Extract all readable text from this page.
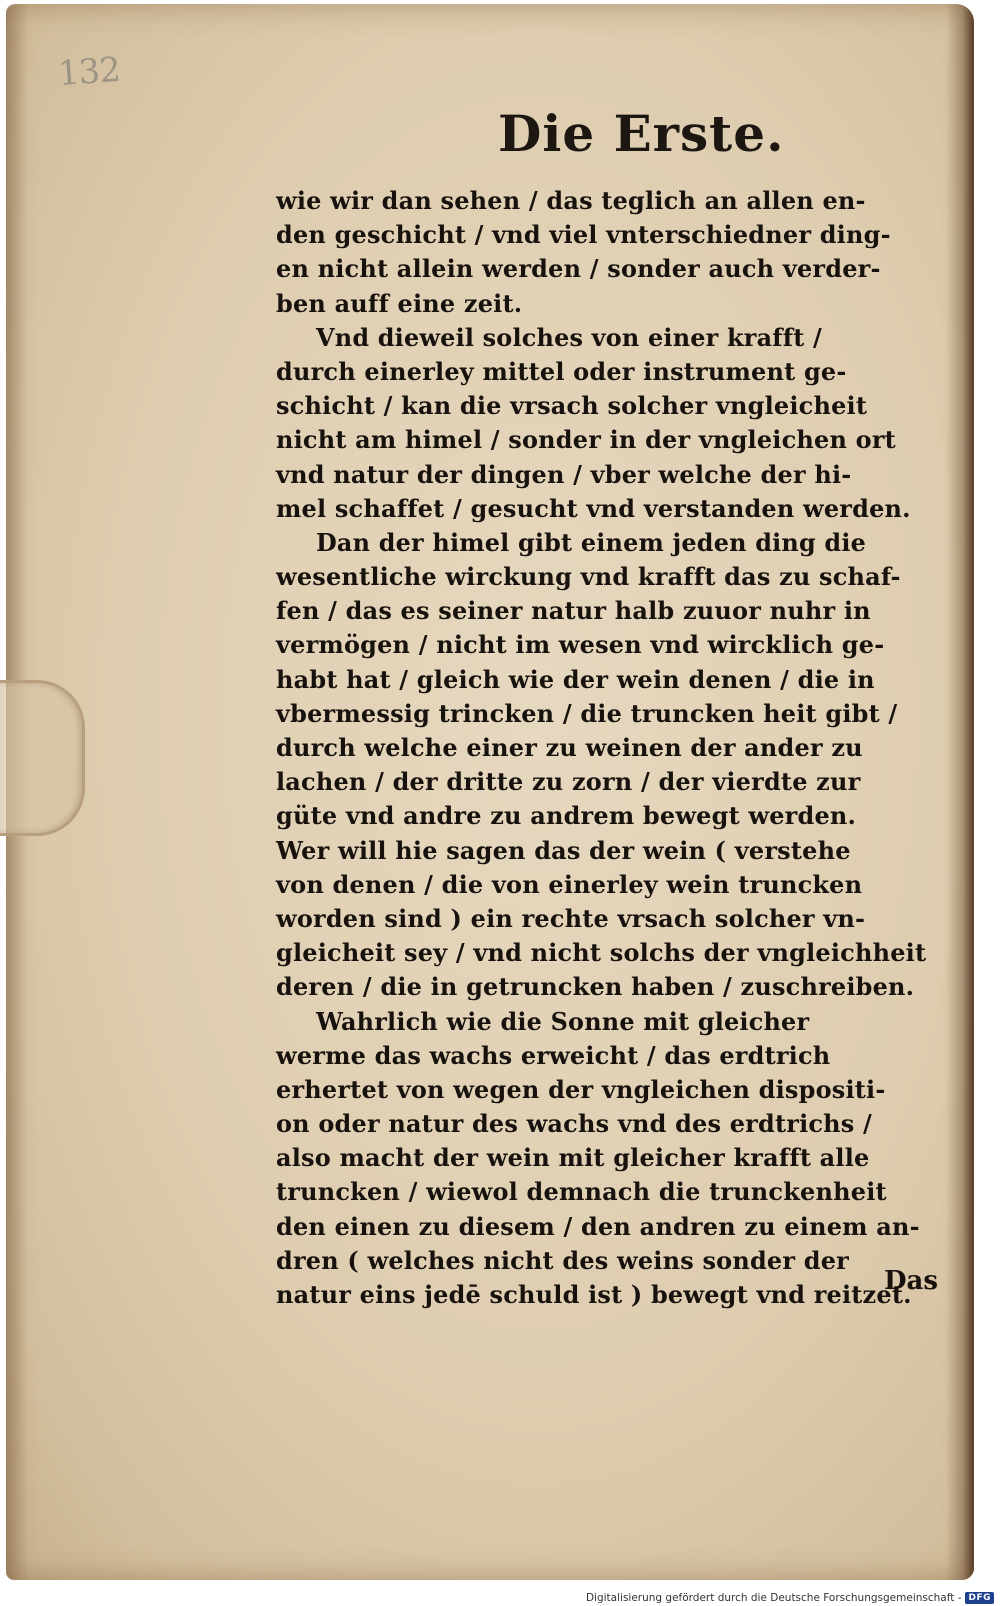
132
Die Erste.
wie wir dan sehen / das teglich an allen en-
den geschicht / vnd viel vnterschiedner ding-
en nicht allein werden / sonder auch verder-
ben auff eine zeit.
Vnd dieweil solches von einer krafft /
durch einerley mittel oder instrument ge-
schicht / kan die vrsach solcher vngleicheit
nicht am himel / sonder in der vngleichen ort
vnd natur der dingen / vber welche der hi-
mel schaffet / gesucht vnd verstanden werden.
Dan der himel gibt einem jeden ding die
wesentliche wirckung vnd krafft das zu schaf-
fen / das es seiner natur halb zuuor nuhr in
vermögen / nicht im wesen vnd wircklich ge-
habt hat / gleich wie der wein denen / die in
vbermessig trincken / die truncken heit gibt /
durch welche einer zu weinen der ander zu
lachen / der dritte zu zorn / der vierdte zur
güte vnd andre zu andrem bewegt werden.
Wer will hie sagen das der wein ( verstehe
von denen / die von einerley wein truncken
worden sind ) ein rechte vrsach solcher vn-
gleicheit sey / vnd nicht solchs der vngleichheit
deren / die in getruncken haben / zuschreiben.
Wahrlich wie die Sonne mit gleicher
werme das wachs erweicht / das erdtrich
erhertet von wegen der vngleichen dispositi-
on oder natur des wachs vnd des erdtrichs /
also macht der wein mit gleicher krafft alle
truncken / wiewol demnach die trunckenheit
den einen zu diesem / den andren zu einem an-
dren ( welches nicht des weins sonder der
natur eins jedē schuld ist ) bewegt vnd reitzet.
Das
Digitalisierung gefördert durch die Deutsche Forschungsgemeinschaft - DFG
